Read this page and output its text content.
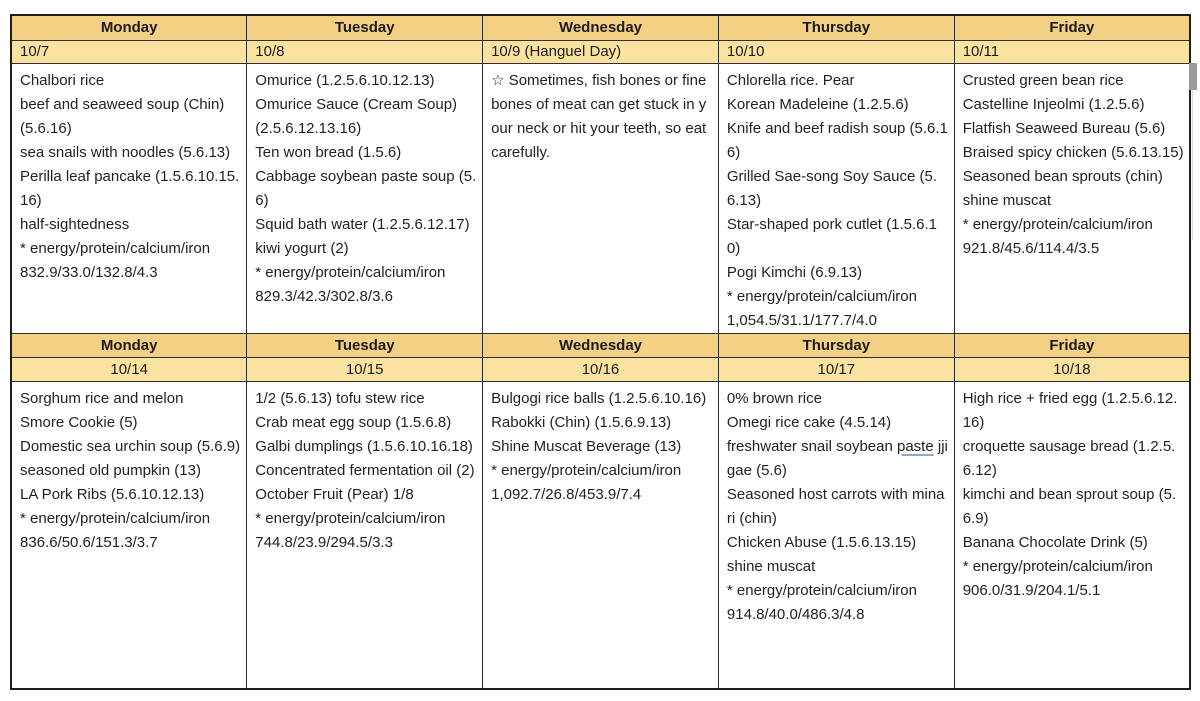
Monday	Tuesday	Wednesday	Thursday	Friday
10/7	10/8	10/9 (Hanguel Day)	10/10	10/11

Chalbori rice
beef and seaweed soup (Chin) (5.6.16)
sea snails with noodles (5.6.13)
Perilla leaf pancake (1.5.6.10.15.16)
half-sightedness
* energy/protein/calcium/iron
832.9/33.0/132.8/4.3

Omurice (1.2.5.6.10.12.13)
Omurice Sauce (Cream Soup) (2.5.6.12.13.16)
Ten won bread (1.5.6)
Cabbage soybean paste soup (5.6)
Squid bath water (1.2.5.6.12.17)
kiwi yogurt (2)
* energy/protein/calcium/iron
829.3/42.3/302.8/3.6

☆ Sometimes, fish bones or fine bones of meat can get stuck in your neck or hit your teeth, so eat carefully.

Chlorella rice. Pear
Korean Madeleine (1.2.5.6)
Knife and beef radish soup (5.6.16)
Grilled Sae-song Soy Sauce (5.6.13)
Star-shaped pork cutlet (1.5.6.10)
Pogi Kimchi (6.9.13)
* energy/protein/calcium/iron
1,054.5/31.1/177.7/4.0

Crusted green bean rice
Castelline Injeolmi (1.2.5.6)
Flatfish Seaweed Bureau (5.6)
Braised spicy chicken (5.6.13.15)
Seasoned bean sprouts (chin)
shine muscat
* energy/protein/calcium/iron
921.8/45.6/114.4/3.5

Monday	Tuesday	Wednesday	Thursday	Friday
10/14	10/15	10/16	10/17	10/18

Sorghum rice and melon
Smore Cookie (5)
Domestic sea urchin soup (5.6.9)
seasoned old pumpkin (13)
LA Pork Ribs (5.6.10.12.13)
* energy/protein/calcium/iron
836.6/50.6/151.3/3.7

1/2 (5.6.13) tofu stew rice
Crab meat egg soup (1.5.6.8)
Galbi dumplings (1.5.6.10.16.18)
Concentrated fermentation oil (2)
October Fruit (Pear) 1/8
* energy/protein/calcium/iron
744.8/23.9/294.5/3.3

Bulgogi rice balls (1.2.5.6.10.16)
Rabokki (Chin) (1.5.6.9.13)
Shine Muscat Beverage (13)
* energy/protein/calcium/iron
1,092.7/26.8/453.9/7.4

0% brown rice
Omegi rice cake (4.5.14)
freshwater snail soybean paste jjigae (5.6)
Seasoned host carrots with minari (chin)
Chicken Abuse (1.5.6.13.15)
shine muscat
* energy/protein/calcium/iron
914.8/40.0/486.3/4.8

High rice + fried egg (1.2.5.6.12.16)
croquette sausage bread (1.2.5.6.12)
kimchi and bean sprout soup (5.6.9)
Banana Chocolate Drink (5)
* energy/protein/calcium/iron
906.0/31.9/204.1/5.1
